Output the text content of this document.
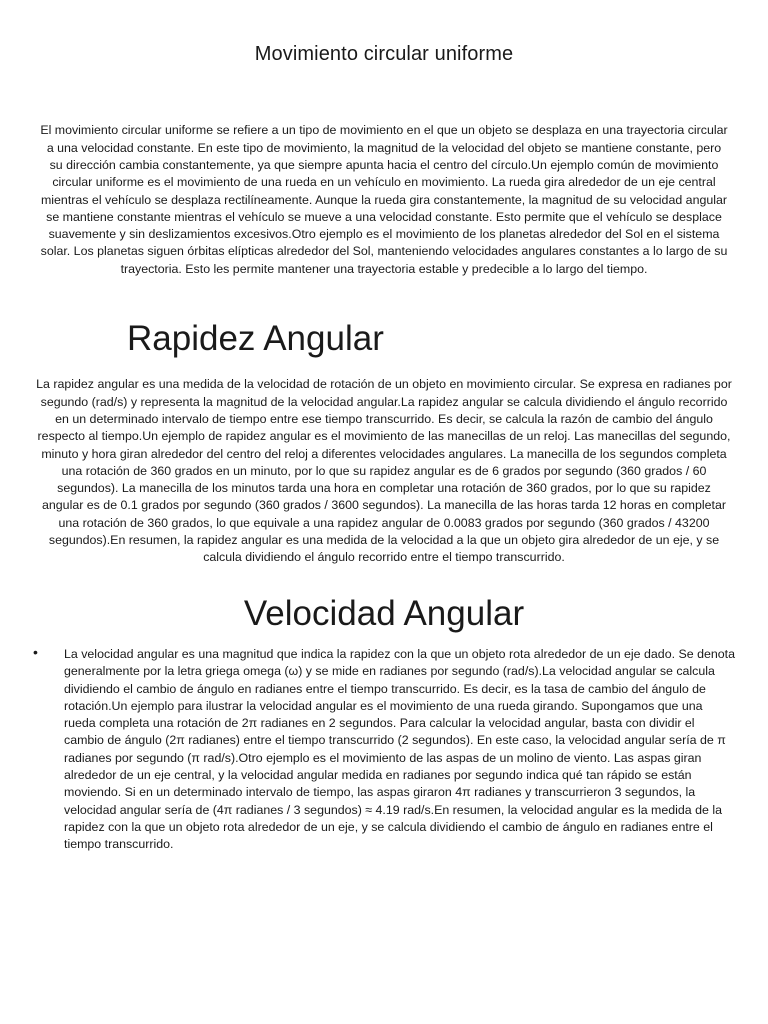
Movimiento circular uniforme

El movimiento circular uniforme se refiere a un tipo de movimiento en el que un objeto se desplaza en una trayectoria circular a una velocidad constante. En este tipo de movimiento, la magnitud de la velocidad del objeto se mantiene constante, pero su dirección cambia constantemente, ya que siempre apunta hacia el centro del círculo.Un ejemplo común de movimiento circular uniforme es el movimiento de una rueda en un vehículo en movimiento. La rueda gira alrededor de un eje central mientras el vehículo se desplaza rectilíneamente. Aunque la rueda gira constantemente, la magnitud de su velocidad angular se mantiene constante mientras el vehículo se mueve a una velocidad constante. Esto permite que el vehículo se desplace suavemente y sin deslizamientos excesivos.Otro ejemplo es el movimiento de los planetas alrededor del Sol en el sistema solar. Los planetas siguen órbitas elípticas alrededor del Sol, manteniendo velocidades angulares constantes a lo largo de su trayectoria. Esto les permite mantener una trayectoria estable y predecible a lo largo del tiempo.

Rapidez Angular

La rapidez angular es una medida de la velocidad de rotación de un objeto en movimiento circular. Se expresa en radianes por segundo (rad/s) y representa la magnitud de la velocidad angular.La rapidez angular se calcula dividiendo el ángulo recorrido en un determinado intervalo de tiempo entre ese tiempo transcurrido. Es decir, se calcula la razón de cambio del ángulo respecto al tiempo.Un ejemplo de rapidez angular es el movimiento de las manecillas de un reloj. Las manecillas del segundo, minuto y hora giran alrededor del centro del reloj a diferentes velocidades angulares. La manecilla de los segundos completa una rotación de 360 grados en un minuto, por lo que su rapidez angular es de 6 grados por segundo (360 grados / 60 segundos). La manecilla de los minutos tarda una hora en completar una rotación de 360 grados, por lo que su rapidez angular es de 0.1 grados por segundo (360 grados / 3600 segundos). La manecilla de las horas tarda 12 horas en completar una rotación de 360 grados, lo que equivale a una rapidez angular de 0.0083 grados por segundo (360 grados / 43200 segundos).En resumen, la rapidez angular es una medida de la velocidad a la que un objeto gira alrededor de un eje, y se calcula dividiendo el ángulo recorrido entre el tiempo transcurrido.

Velocidad Angular
• La velocidad angular es una magnitud que indica la rapidez con la que un objeto rota alrededor de un eje dado. Se denota generalmente por la letra griega omega (ω) y se mide en radianes por segundo (rad/s).La velocidad angular se calcula dividiendo el cambio de ángulo en radianes entre el tiempo transcurrido. Es decir, es la tasa de cambio del ángulo de rotación.Un ejemplo para ilustrar la velocidad angular es el movimiento de una rueda girando. Supongamos que una rueda completa una rotación de 2π radianes en 2 segundos. Para calcular la velocidad angular, basta con dividir el cambio de ángulo (2π radianes) entre el tiempo transcurrido (2 segundos). En este caso, la velocidad angular sería de π radianes por segundo (π rad/s).Otro ejemplo es el movimiento de las aspas de un molino de viento. Las aspas giran alrededor de un eje central, y la velocidad angular medida en radianes por segundo indica qué tan rápido se están moviendo. Si en un determinado intervalo de tiempo, las aspas giraron 4π radianes y transcurrieron 3 segundos, la velocidad angular sería de (4π radianes / 3 segundos) ≈ 4.19 rad/s.En resumen, la velocidad angular es la medida de la rapidez con la que un objeto rota alrededor de un eje, y se calcula dividiendo el cambio de ángulo en radianes entre el tiempo transcurrido.
